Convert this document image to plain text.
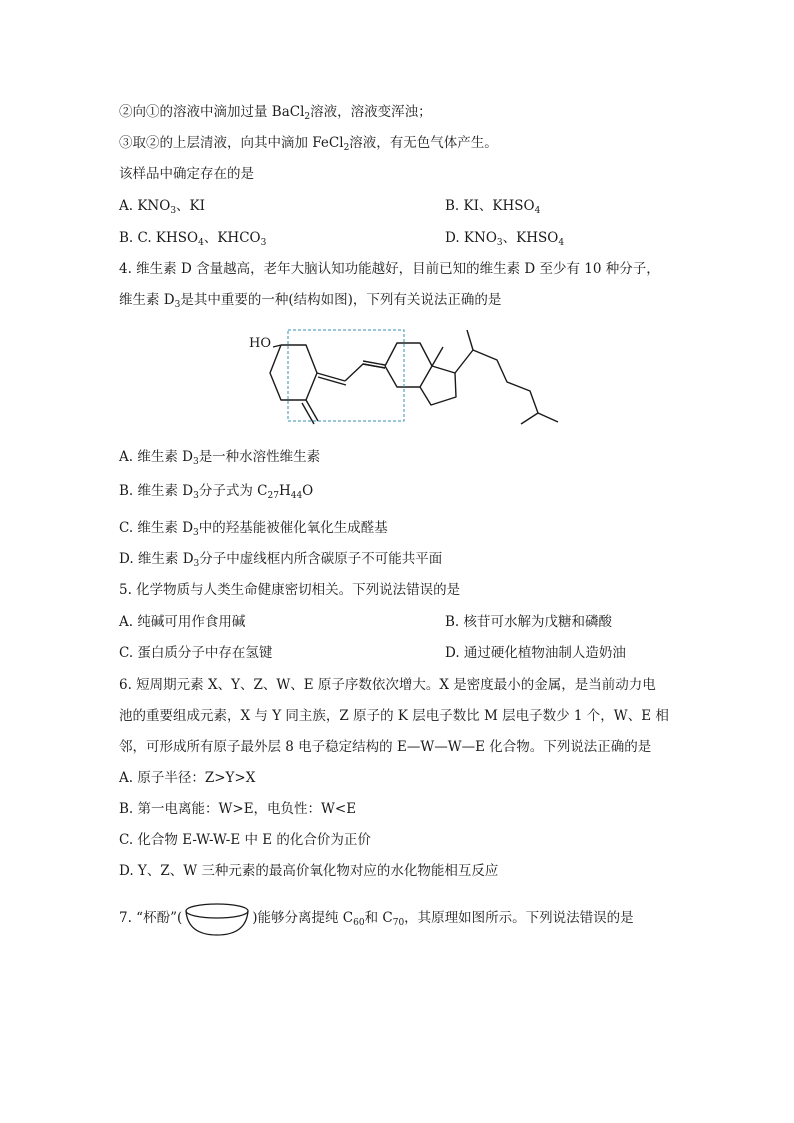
②向①的溶液中滴加过量 BaCl$_2$溶液，溶液变浑浊；
③取②的上层清液，向其中滴加 FeCl$_2$溶液，有无色气体产生。
该样品中确定存在的是
A. $KNO_3$、KI	B. KI、$KHSO_4$
B. C. $KHSO_4$、$KHCO_3$	D. $KNO_3$、$KHSO_4$
4. 维生素 D 含量越高，老年大脑认知功能越好，目前已知的维生素 D 至少有 10 种分子，
维生素 $D_3$是其中重要的一种(结构如图)，下列有关说法正确的是
HO
A. 维生素 $D_3$是一种水溶性维生素
B. 维生素 $D_3$分子式为 $C_{27}H_{44}O$
C. 维生素 $D_3$中的羟基能被催化氧化生成醛基
D. 维生素 $D_3$分子中虚线框内所含碳原子不可能共平面
5. 化学物质与人类生命健康密切相关。下列说法错误的是
A. 纯碱可用作食用碱	B. 核苷可水解为戊糖和磷酸
C. 蛋白质分子中存在氢键	D. 通过硬化植物油制人造奶油
6. 短周期元素 X、Y、Z、W、E 原子序数依次增大。X 是密度最小的金属，是当前动力电
池的重要组成元素，X 与 Y 同主族，Z 原子的 K 层电子数比 M 层电子数少 1 个，W、E 相
邻，可形成所有原子最外层 8 电子稳定结构的 E—W—W—E 化合物。下列说法正确的是
A. 原子半径：Z>Y>X
B. 第一电离能：W>E，电负性：W<E
C. 化合物 E-W-W-E 中 E 的化合价为正价
D. Y、Z、W 三种元素的最高价氧化物对应的水化物能相互反应
7. “杯酚”(	)能够分离提纯 $C_{60}$和 $C_{70}$，其原理如图所示。下列说法错误的是
